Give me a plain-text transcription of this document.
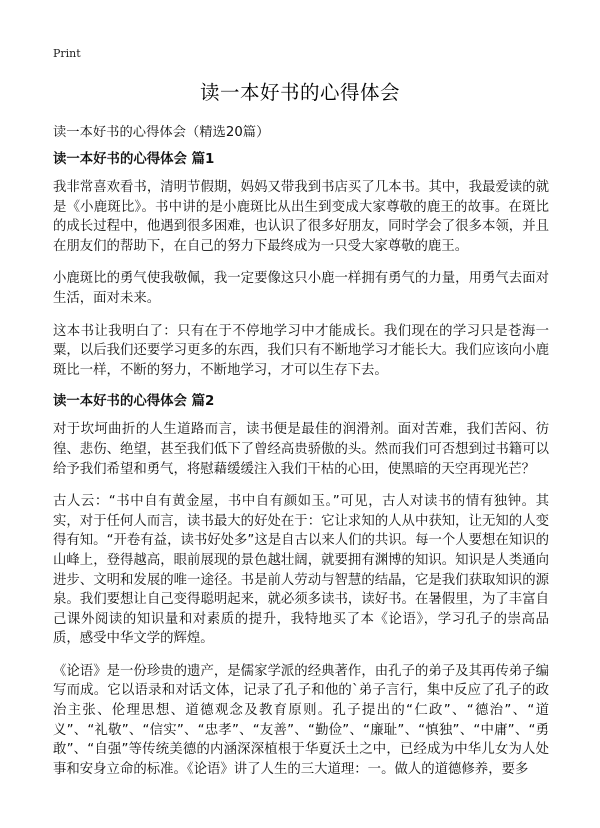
Print
读一本好书的心得体会

读一本好书的心得体会（精选20篇）

读一本好书的心得体会 篇1

我非常喜欢看书，清明节假期，妈妈又带我到书店买了几本书。其中，我最爱读的就是《小鹿斑比》。书中讲的是小鹿斑比从出生到变成大家尊敬的鹿王的故事。在斑比的成长过程中，他遇到很多困难，也认识了很多好朋友，同时学会了很多本领，并且在朋友们的帮助下，在自己的努力下最终成为一只受大家尊敬的鹿王。

小鹿斑比的勇气使我敬佩，我一定要像这只小鹿一样拥有勇气的力量，用勇气去面对生活，面对未来。

这本书让我明白了：只有在于不停地学习中才能成长。我们现在的学习只是苍海一粟，以后我们还要学习更多的东西，我们只有不断地学习才能长大。我们应该向小鹿斑比一样，不断的努力，不断地学习，才可以生存下去。

读一本好书的心得体会 篇2

对于坎坷曲折的人生道路而言，读书便是最佳的润滑剂。面对苦难，我们苦闷、彷徨、悲伤、绝望，甚至我们低下了曾经高贵骄傲的头。然而我们可否想到过书籍可以给予我们希望和勇气，将慰藉缓缓注入我们干枯的心田，使黑暗的天空再现光芒？

古人云：“书中自有黄金屋，书中自有颜如玉。”可见，古人对读书的情有独钟。其实，对于任何人而言，读书最大的好处在于：它让求知的人从中获知，让无知的人变得有知。“开卷有益，读书好处多”这是自古以来人们的共识。每一个人要想在知识的山峰上，登得越高，眼前展现的景色越壮阔，就要拥有渊博的知识。知识是人类通向进步、文明和发展的唯一途径。书是前人劳动与智慧的结晶，它是我们获取知识的源泉。我们要想让自己变得聪明起来，就必须多读书，读好书。在暑假里，为了丰富自己课外阅读的知识量和对素质的提升，我特地买了本《论语》，学习孔子的崇高品质，感受中华文学的辉煌。

《论语》是一份珍贵的遗产，是儒家学派的经典著作，由孔子的弟子及其再传弟子编写而成。它以语录和对话文体，记录了孔子和他的`弟子言行，集中反应了孔子的政治主张、伦理思想、道德观念及教育原则。孔子提出的“仁政”、“德治”、“道义”、“礼敬”、“信实”、“忠孝”、“友善”、“勤俭”、“廉耻”、“慎独”、“中庸”、“勇敢”、“自强”等传统美德的内涵深深植根于华夏沃土之中，已经成为中华儿女为人处事和安身立命的标准。《论语》讲了人生的三大道理：一。做人的道德修养，要多
